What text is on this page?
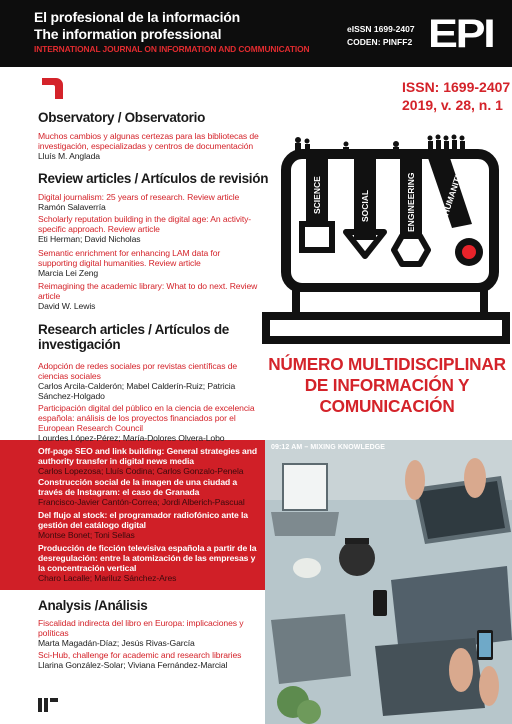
El profesional de la información
The information professional
INTERNATIONAL JOURNAL ON INFORMATION AND COMMUNICATION
eISSN 1699-2407
CODEN: PINFF2 EPI
Observatory / Observatorio
Muchos cambios y algunas certezas para las bibliotecas de investigación, especializadas y centros de documentación
Lluís M. Anglada
Review articles / Artículos de revisión
Digital journalism: 25 years of research. Review article
Ramón Salaverría
Scholarly reputation building in the digital age: An activity-specific approach. Review article
Eti Herman; David Nicholas
Semantic enrichment for enhancing LAM data for supporting digital humanities. Review article
Marcia Lei Zeng
Reimagining the academic library: What to do next. Review article
David W. Lewis
Research articles / Artículos de investigación
Adopción de redes sociales por revistas científicas de ciencias sociales
Carlos Arcila-Calderón; Mabel Calderín-Ruiz; Patricia Sánchez-Holgado
Participación digital del público en la ciencia de excelencia española: análisis de los proyectos financiados por el European Research Council
Lourdes López-Pérez; María-Dolores Olvera-Lobo
Off-page SEO and link building: General strategies and authority transfer in digital news media
Carlos Lopezosa; Lluís Codina; Carlos Gonzalo-Penela
Construcción social de la imagen de una ciudad a través de Instagram: el caso de Granada
Francisco-Javier Cantón-Correa; Jordi Alberich-Pascual
Del flujo al stock: el programador radiofónico ante la gestión del catálogo digital
Montse Bonet; Toni Sellas
Producción de ficción televisiva española a partir de la desregulación: entre la atomización de las empresas y la concentración vertical
Charo Lacalle; Mariluz Sánchez-Ares
Analysis /Análisis
Fiscalidad indirecta del libro en Europa: implicaciones y políticas
Marta Magadán-Díaz; Jesús Rivas-García
Sci-Hub, challenge for academic and research libraries
Llarina González-Solar; Viviana Fernández-Marcial
ISSN: 1699-2407
2019, v. 28, n. 1
SCIENCE	SOCIAL	ENGINEERING	HUMANITIES
NÚMERO MULTIDISCIPLINAR
DE INFORMACIÓN Y
COMUNICACIÓN
09:12 AM – MIXING KNOWLEDGE
